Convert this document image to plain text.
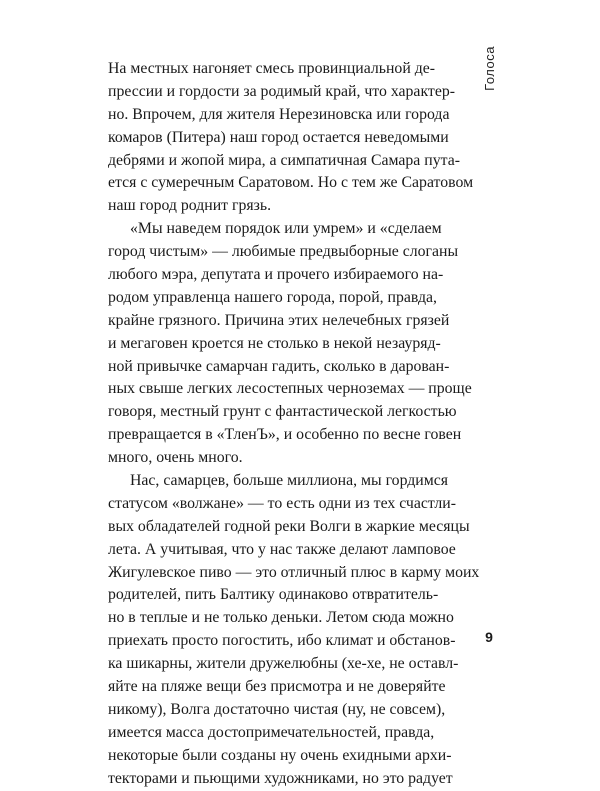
Голоса
На местных нагоняет смесь провинциальной де-
прессии и гордости за родимый край, что характер-
но. Впрочем, для жителя Нерезиновска или города
комаров (Питера) наш город остается неведомыми
дебрями и жопой мира, а симпатичная Самара пута-
ется с сумеречным Саратовом. Но с тем же Саратовом
наш город роднит грязь.
«Мы наведем порядок или умрем» и «сделаем
город чистым» — любимые предвыборные слоганы
любого мэра, депутата и прочего избираемого на-
родом управленца нашего города, порой, правда,
крайне грязного. Причина этих нелечебных грязей
и мегаговен кроется не столько в некой незауряд-
ной привычке самарчан гадить, сколько в дарован-
ных свыше легких лесостепных черноземах — проще
говоря, местный грунт с фантастической легкостью
превращается в «ТленЪ», и особенно по весне говен
много, очень много.
Нас, самарцев, больше миллиона, мы гордимся
статусом «волжане» — то есть одни из тех счастли-
вых обладателей годной реки Волги в жаркие месяцы
лета. А учитывая, что у нас также делают ламповое
Жигулевское пиво — это отличный плюс в карму моих
родителей, пить Балтику одинаково отвратитель-
но в теплые и не только деньки. Летом сюда можно
приехать просто погостить, ибо климат и обстанов-
ка шикарны, жители дружелюбны (хе-хе, не оставл-
яйте на пляже вещи без присмотра и не доверяйте
никому), Волга достаточно чистая (ну, не совсем),
имеется масса достопримечательностей, правда,
некоторые были созданы ну очень ехидными архи-
текторами и пьющими художниками, но это радует
9
